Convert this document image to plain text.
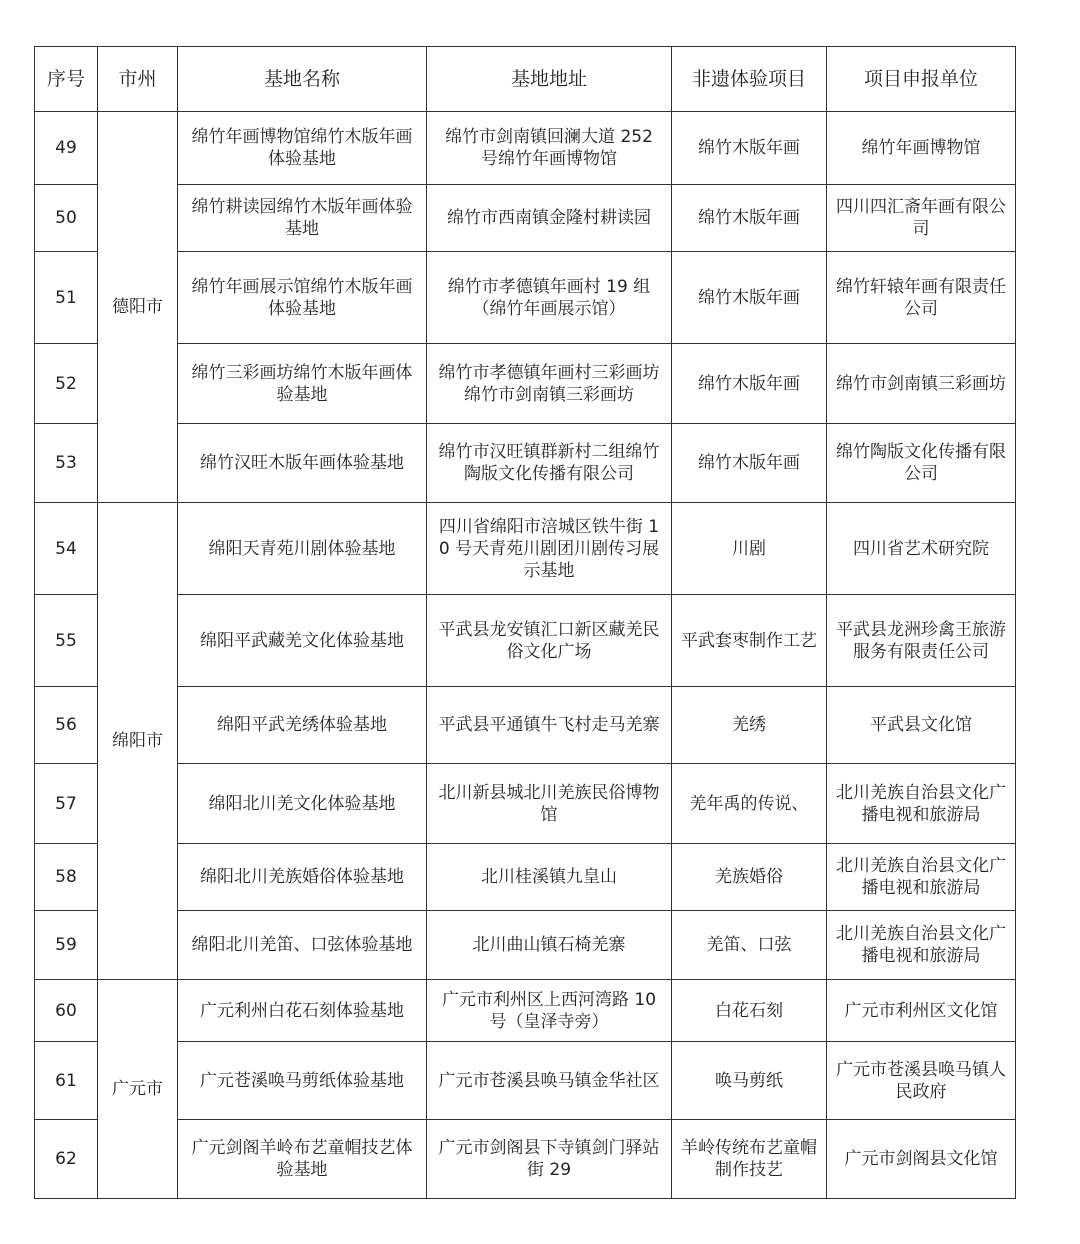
序号	市州	基地名称	基地地址	非遗体验项目	项目申报单位
49	德阳市	绵竹年画博物馆绵竹木版年画体验基地	绵竹市剑南镇回澜大道 252 号绵竹年画博物馆	绵竹木版年画	绵竹年画博物馆
50		绵竹耕读园绵竹木版年画体验基地	绵竹市西南镇金隆村耕读园	绵竹木版年画	四川四汇斋年画有限公司
51		绵竹年画展示馆绵竹木版年画体验基地	绵竹市孝德镇年画村 19 组（绵竹年画展示馆）	绵竹木版年画	绵竹轩辕年画有限责任公司
52		绵竹三彩画坊绵竹木版年画体验基地	绵竹市孝德镇年画村三彩画坊绵竹市剑南镇三彩画坊	绵竹木版年画	绵竹市剑南镇三彩画坊
53		绵竹汉旺木版年画体验基地	绵竹市汉旺镇群新村二组绵竹陶版文化传播有限公司	绵竹木版年画	绵竹陶版文化传播有限公司
54	绵阳市	绵阳天青苑川剧体验基地	四川省绵阳市涪城区铁牛街 10 号天青苑川剧团川剧传习展示基地	川剧	四川省艺术研究院
55		绵阳平武藏羌文化体验基地	平武县龙安镇汇口新区藏羌民俗文化广场	平武套枣制作工艺	平武县龙洲珍禽王旅游服务有限责任公司
56		绵阳平武羌绣体验基地	平武县平通镇牛飞村走马羌寨	羌绣	平武县文化馆
57		绵阳北川羌文化体验基地	北川新县城北川羌族民俗博物馆	羌年禹的传说、	北川羌族自治县文化广播电视和旅游局
58		绵阳北川羌族婚俗体验基地	北川桂溪镇九皇山	羌族婚俗	北川羌族自治县文化广播电视和旅游局
59		绵阳北川羌笛、口弦体验基地	北川曲山镇石椅羌寨	羌笛、口弦	北川羌族自治县文化广播电视和旅游局
60	广元市	广元利州白花石刻体验基地	广元市利州区上西河湾路 10 号（皇泽寺旁）	白花石刻	广元市利州区文化馆
61		广元苍溪唤马剪纸体验基地	广元市苍溪县唤马镇金华社区	唤马剪纸	广元市苍溪县唤马镇人民政府
62		广元剑阁羊岭布艺童帽技艺体验基地	广元市剑阁县下寺镇剑门驿站街 29	羊岭传统布艺童帽制作技艺	广元市剑阁县文化馆
